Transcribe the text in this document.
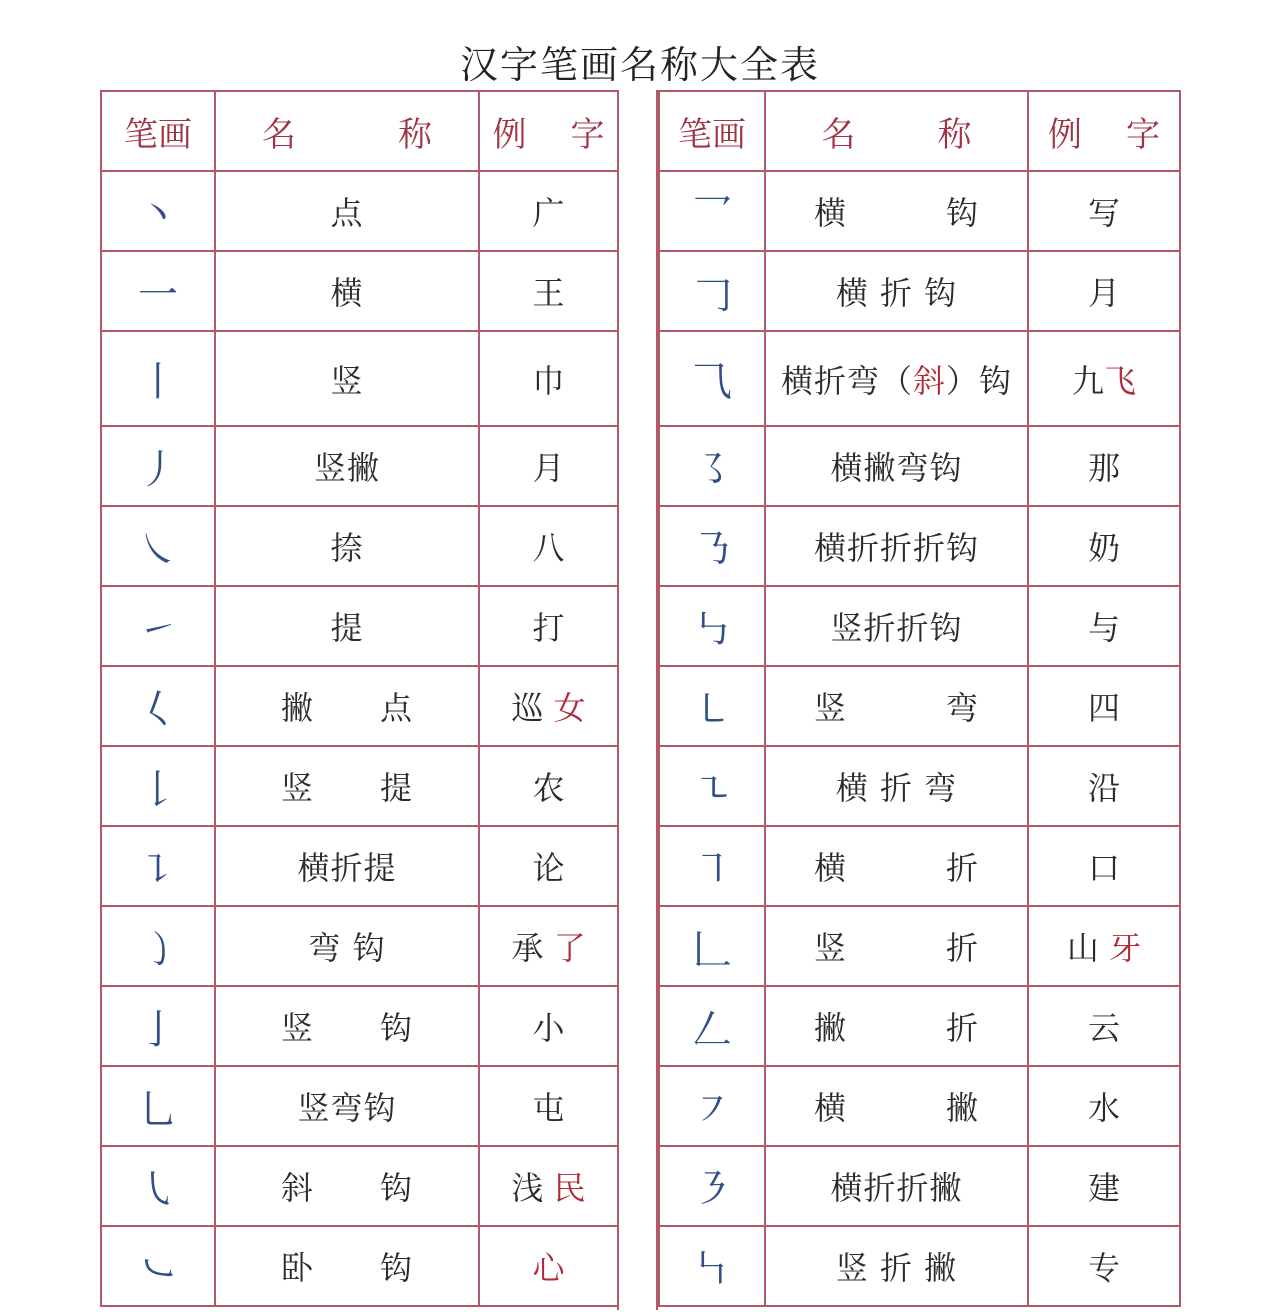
汉字笔画名称大全表
笔画	名 称	例 字

丶	点	广
一	横	王
丨	竖	巾
丿	竖撇	月
㇏	捺	八
㇀	提	打
𡿨	撇　　点	巡 女
𠄌	竖　　提	农
㇊	横折提	论
㇁	弯 钩	承 了
亅	竖　　钩	小
乚	竖弯钩	屯
㇂	斜　　钩	浅 民
㇃	卧　　钩	心
笔画	名 称	例 字

乛	横　　　钩	写
𠃌	横 折 钩	月
⺄	横折弯（斜）钩	九飞
㇌	横撇弯钩	那
㇡	横折折折钩	奶
㇉	竖折折钩	与
㇄	竖　　　弯	四
㇍	横 折 弯	沿
㇕	横　　　折	口
𠃊	竖　　　折	山 牙
𠃋	撇　　　折	云
㇇	横　　　撇	水
㇋	横折折撇	建
㇞	竖 折 撇	专
